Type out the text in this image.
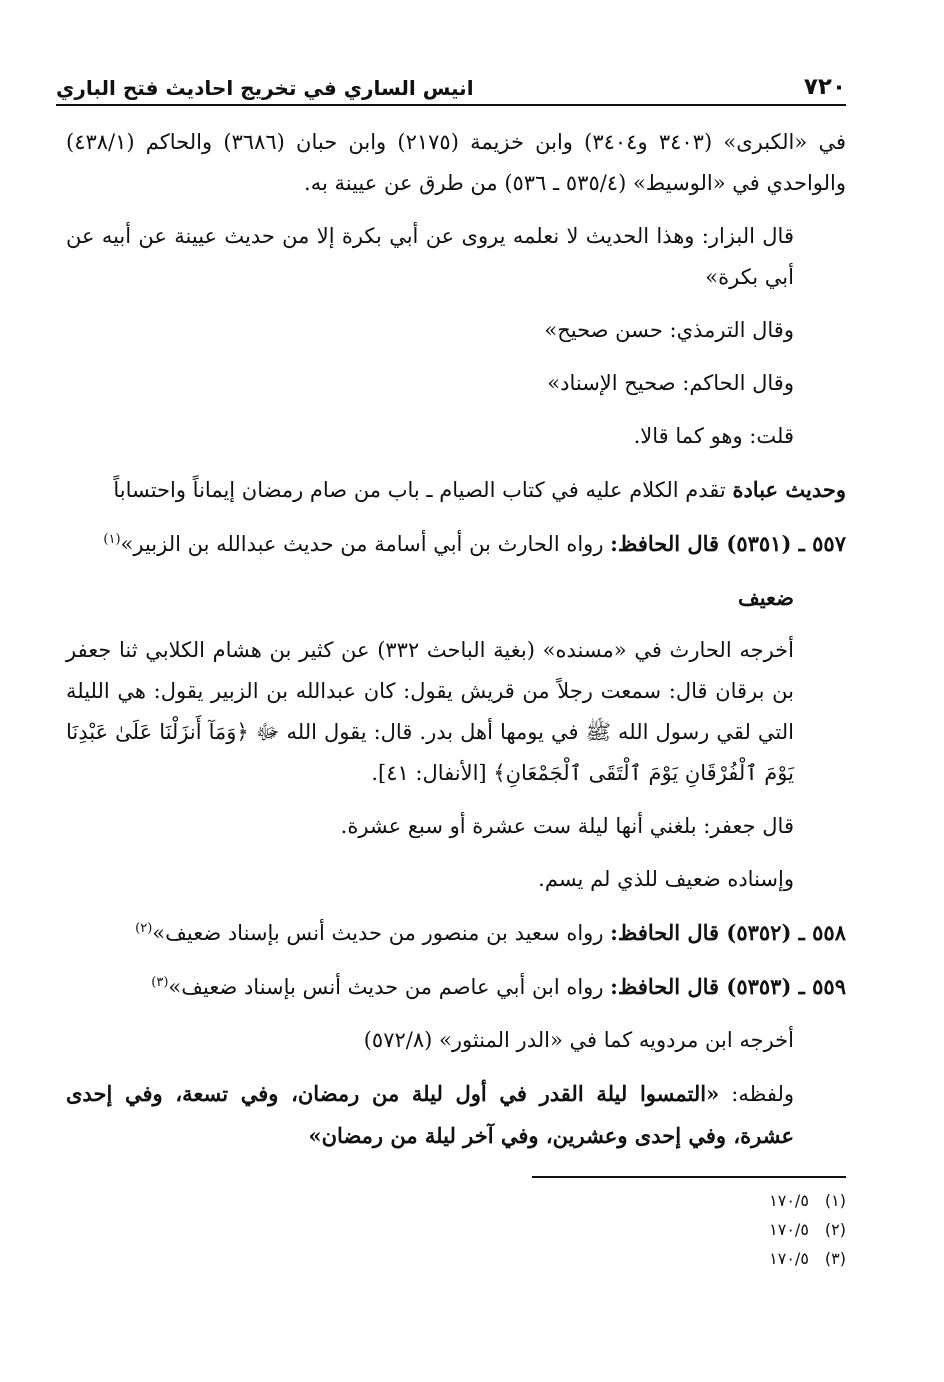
٧٢٠
انيس الساري في تخريج احاديث فتح الباري

في «الكبرى» (٣٤٠٣ و٣٤٠٤) وابن خزيمة (٢١٧٥) وابن حبان (٣٦٨٦) والحاكم (٤٣٨/١) والواحدي في «الوسيط» (٥٣٥/٤ ـ ٥٣٦) من طرق عن عيينة به.

قال البزار: وهذا الحديث لا نعلمه يروى عن أبي بكرة إلا من حديث عيينة عن أبيه عن أبي بكرة»

وقال الترمذي: حسن صحيح»

وقال الحاكم: صحيح الإسناد»

قلت: وهو كما قالا.

وحديث عبادة تقدم الكلام عليه في كتاب الصيام ـ باب من صام رمضان إيماناً واحتساباً

٥٥٧ ـ (٥٣٥١) قال الحافظ: رواه الحارث بن أبي أسامة من حديث عبدالله بن الزبير»$^{(١)}$

ضعيف

أخرجه الحارث في «مسنده» (بغية الباحث ٣٣٢) عن كثير بن هشام الكلابي ثنا جعفر بن برقان قال: سمعت رجلاً من قريش يقول: كان عبدالله بن الزبير يقول: هي الليلة التي لقي رسول الله ﷺ في يومها أهل بدر. قال: يقول الله ﷻ ﴿وَمَآ أَنزَلْنَا عَلَىٰ عَبْدِنَا يَوْمَ ٱلْفُرْقَانِ يَوْمَ ٱلْتَقَى ٱلْجَمْعَانِ﴾ [الأنفال: ٤١].

قال جعفر: بلغني أنها ليلة ست عشرة أو سبع عشرة.

وإسناده ضعيف للذي لم يسم.

٥٥٨ ـ (٥٣٥٢) قال الحافظ: رواه سعيد بن منصور من حديث أنس بإسناد ضعيف»$^{(٢)}$

٥٥٩ ـ (٥٣٥٣) قال الحافظ: رواه ابن أبي عاصم من حديث أنس بإسناد ضعيف»$^{(٣)}$

أخرجه ابن مردويه كما في «الدر المنثور» (٥٧٢/٨)

ولفظه: «التمسوا ليلة القدر في أول ليلة من رمضان، وفي تسعة، وفي إحدى عشرة، وفي إحدى وعشرين، وفي آخر ليلة من رمضان»

(١)
١٧٠/٥
(٢)
١٧٠/٥
(٣)
١٧٠/٥
